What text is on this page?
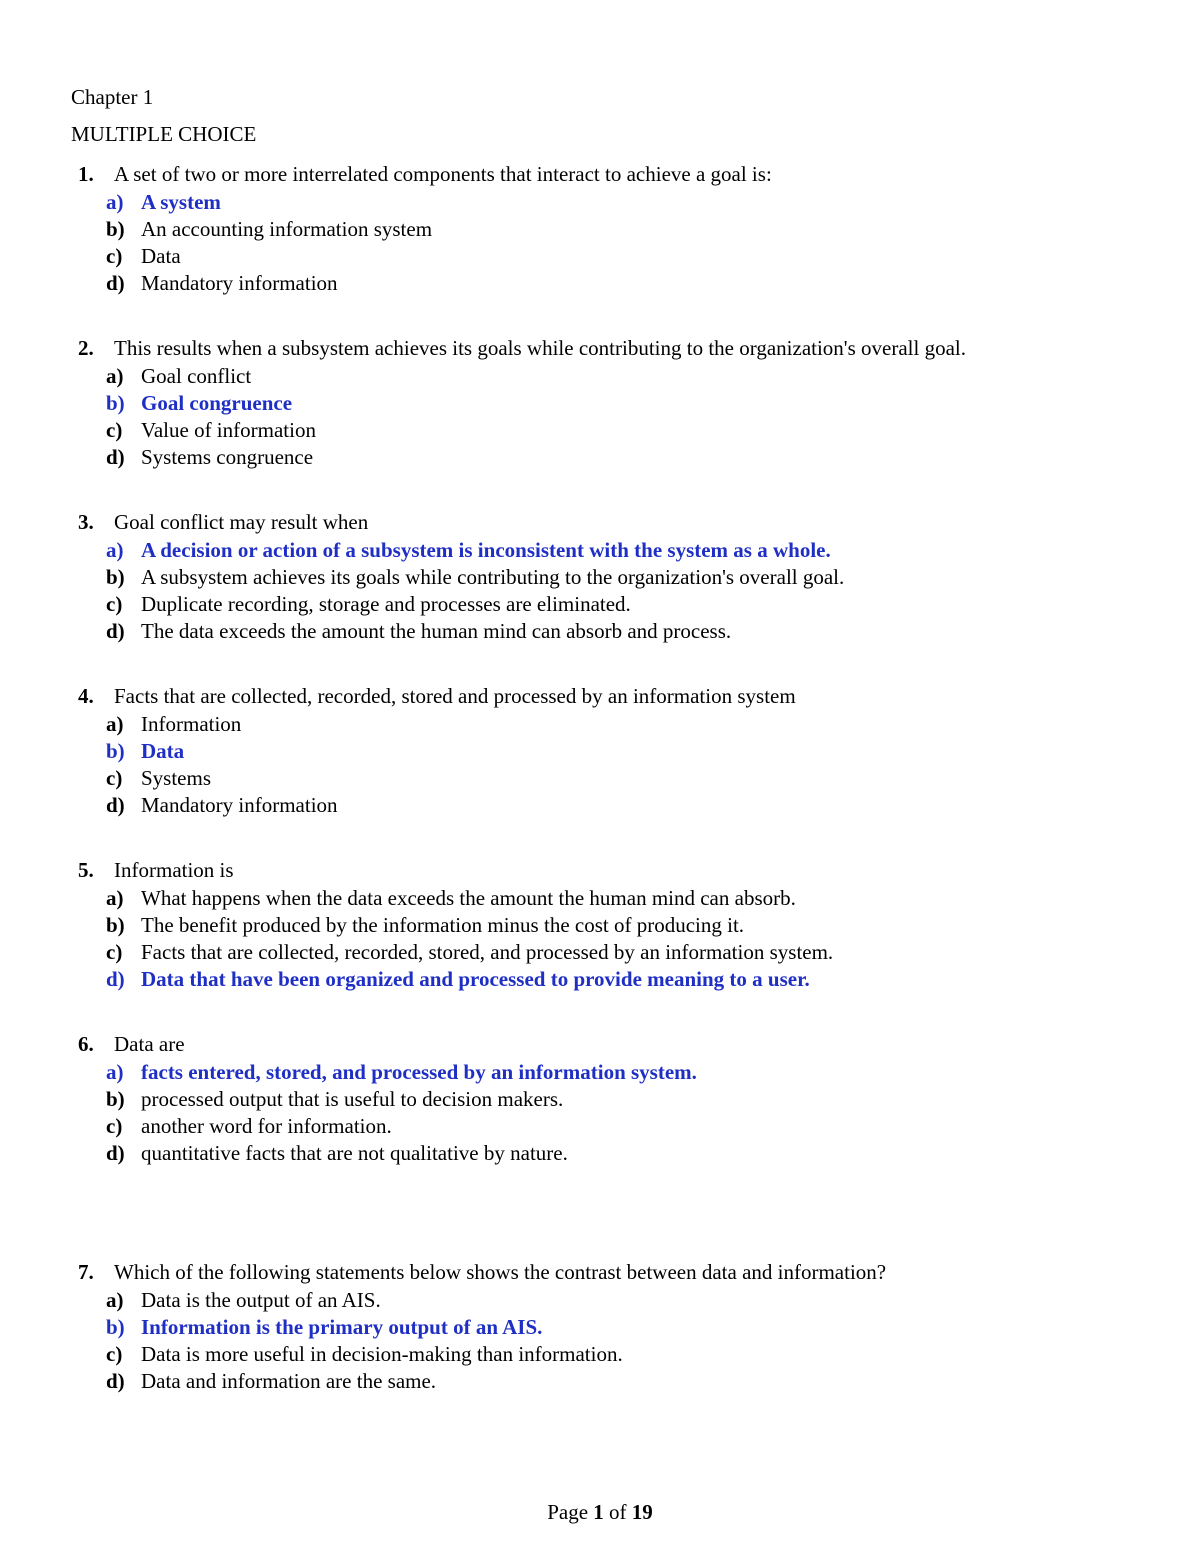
Chapter 1
MULTIPLE CHOICE
1. A set of two or more interrelated components that interact to achieve a goal is:
a) A system
b) An accounting information system
c) Data
d) Mandatory information
2. This results when a subsystem achieves its goals while contributing to the organization's overall goal.
a) Goal conflict
b) Goal congruence
c) Value of information
d) Systems congruence
3. Goal conflict may result when
a) A decision or action of a subsystem is inconsistent with the system as a whole.
b) A subsystem achieves its goals while contributing to the organization's overall goal.
c) Duplicate recording, storage and processes are eliminated.
d) The data exceeds the amount the human mind can absorb and process.
4. Facts that are collected, recorded, stored and processed by an information system
a) Information
b) Data
c) Systems
d) Mandatory information
5. Information is
a) What happens when the data exceeds the amount the human mind can absorb.
b) The benefit produced by the information minus the cost of producing it.
c) Facts that are collected, recorded, stored, and processed by an information system.
d) Data that have been organized and processed to provide meaning to a user.
6. Data are
a) facts entered, stored, and processed by an information system.
b) processed output that is useful to decision makers.
c) another word for information.
d) quantitative facts that are not qualitative by nature.
7. Which of the following statements below shows the contrast between data and information?
a) Data is the output of an AIS.
b) Information is the primary output of an AIS.
c) Data is more useful in decision-making than information.
d) Data and information are the same.
Page 1 of 19
